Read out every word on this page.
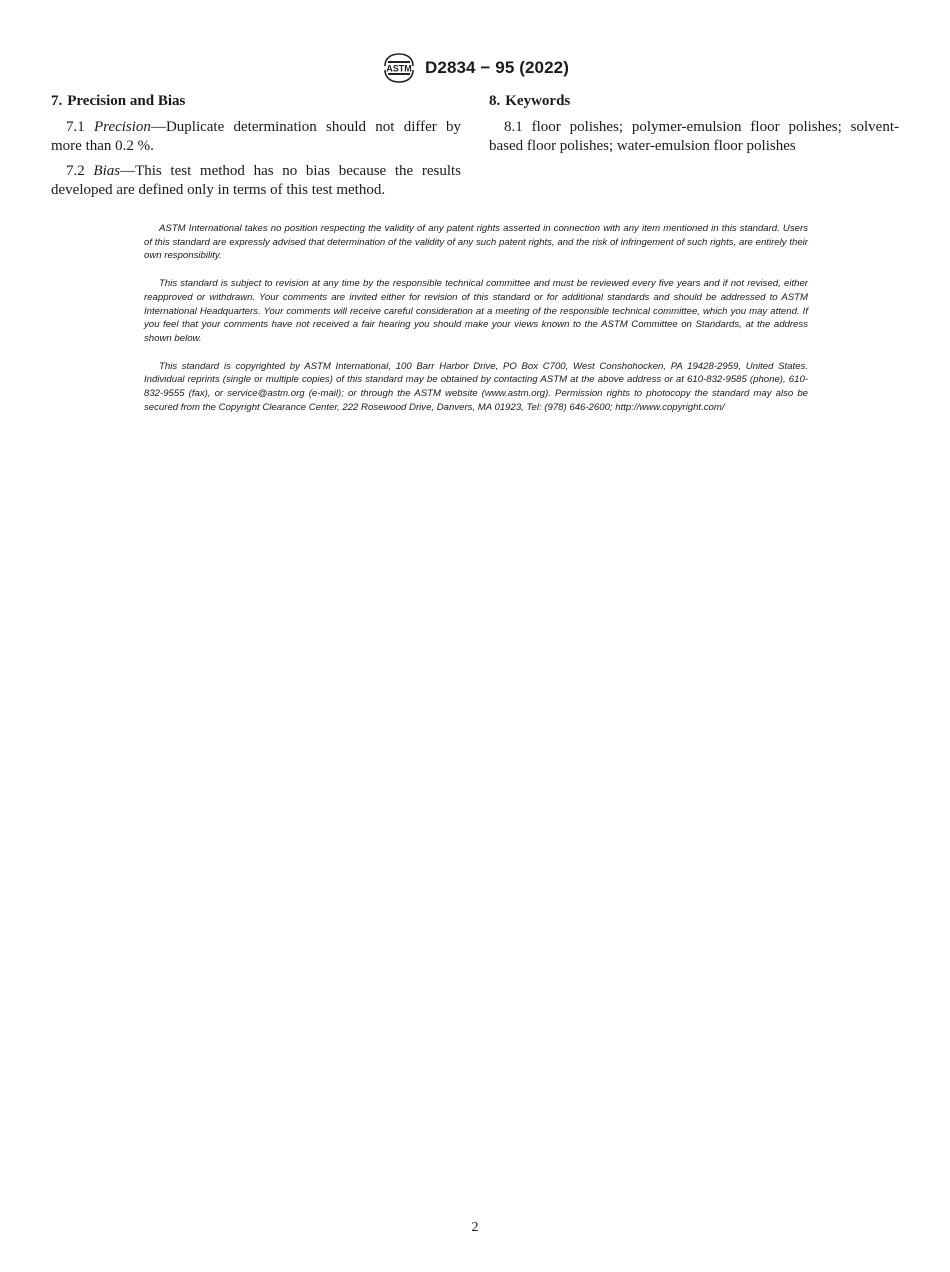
ASTM D2834 − 95 (2022)
7. Precision and Bias

7.1 Precision—Duplicate determination should not differ by more than 0.2 %.

7.2 Bias—This test method has no bias because the results developed are defined only in terms of this test method.

8. Keywords

8.1 floor polishes; polymer-emulsion floor polishes; solvent-based floor polishes; water-emulsion floor polishes

ASTM International takes no position respecting the validity of any patent rights asserted in connection with any item mentioned in this standard. Users of this standard are expressly advised that determination of the validity of any such patent rights, and the risk of infringement of such rights, are entirely their own responsibility.

This standard is subject to revision at any time by the responsible technical committee and must be reviewed every five years and if not revised, either reapproved or withdrawn. Your comments are invited either for revision of this standard or for additional standards and should be addressed to ASTM International Headquarters. Your comments will receive careful consideration at a meeting of the responsible technical committee, which you may attend. If you feel that your comments have not received a fair hearing you should make your views known to the ASTM Committee on Standards, at the address shown below.

This standard is copyrighted by ASTM International, 100 Barr Harbor Drive, PO Box C700, West Conshohocken, PA 19428-2959, United States. Individual reprints (single or multiple copies) of this standard may be obtained by contacting ASTM at the above address or at 610-832-9585 (phone), 610-832-9555 (fax), or service@astm.org (e-mail); or through the ASTM website (www.astm.org). Permission rights to photocopy the standard may also be secured from the Copyright Clearance Center, 222 Rosewood Drive, Danvers, MA 01923, Tel: (978) 646-2600; http://www.copyright.com/

2
